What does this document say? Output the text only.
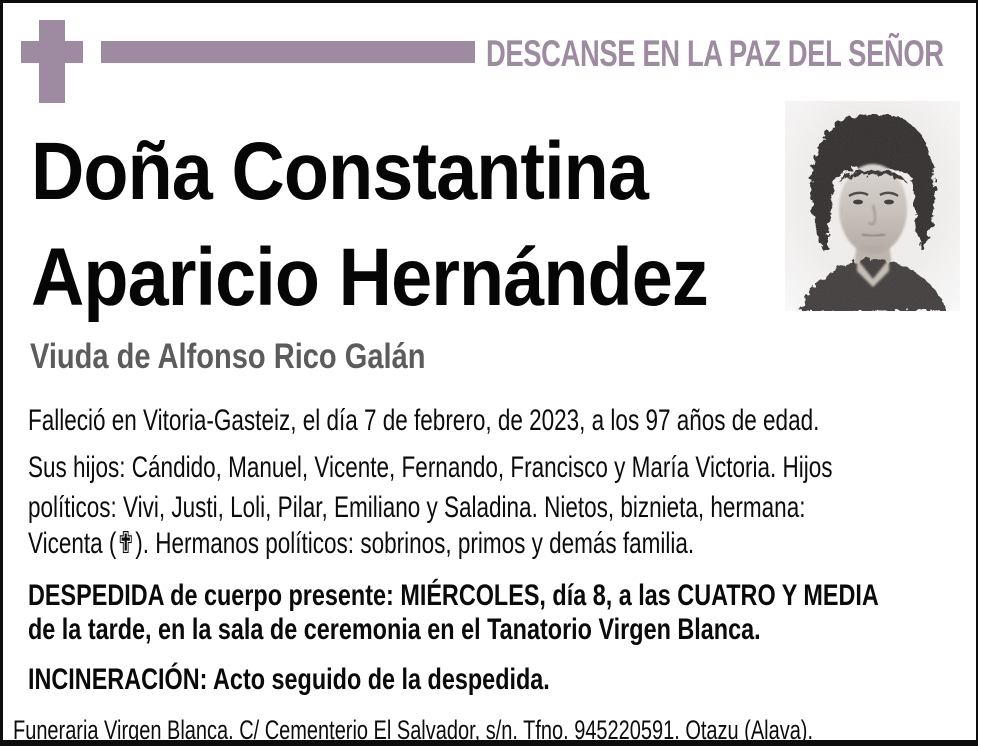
DESCANSE EN LA PAZ DEL SEÑOR
Doña Constantina
Aparicio Hernández
Viuda de Alfonso Rico Galán
Falleció en Vitoria-Gasteiz, el día 7 de febrero, de 2023, a los 97 años de edad.
Sus hijos: Cándido, Manuel, Vicente, Fernando, Francisco y María Victoria. Hijos
políticos: Vivi, Justi, Loli, Pilar, Emiliano y Saladina. Nietos, biznieta, hermana:
Vicenta (✟). Hermanos políticos: sobrinos, primos y demás familia.
DESPEDIDA de cuerpo presente: MIÉRCOLES, día 8, a las CUATRO Y MEDIA
de la tarde, en la sala de ceremonia en el Tanatorio Virgen Blanca.
INCINERACIÓN: Acto seguido de la despedida.
Funeraria Virgen Blanca. C/ Cementerio El Salvador, s/n. Tfno. 945220591. Otazu (Alava).
